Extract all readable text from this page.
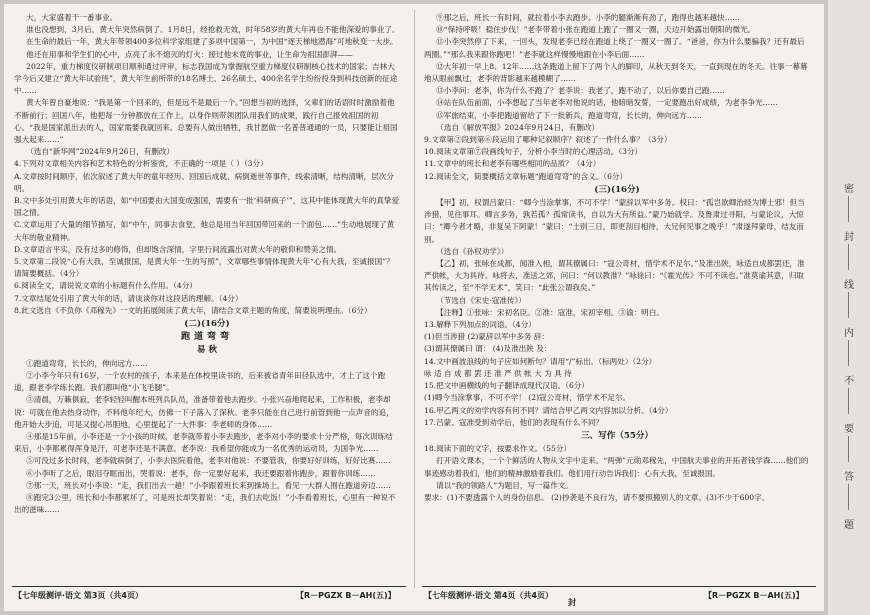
大，大家盛着干一番事业。

谁也没想到，3月后，黄大年突然病倒了。1月8日，经抢救无效，时年58岁的黄大年再也不能他深爱的事业了。

在生命的最后一年，黄大年带领400多位科学家组建了多项中国第一，为中国“逐天梯地潜海”可地秋变一大步。

他还在用事和学生们的心中，点亮了永不熄灭的灯火：接过他未竟的事业，让生命为祖国澎湃——

2022年，重力梯度仪研制项目顺利通过评审，标志我国成为掌握航空重力梯度仪研制核心技术的国家；吉林大学今后又建立“黄大年试验班”，黄大年生前所带的18名博士、26名硕士、400余名学生纷纷投身到科技创新的征途中……

黄大年曾自豪地说：“我是第一个回来的，但是远不是最后一个。”回想当初的选择，父辈们的话语时时激励着他不断前行；回国八年，他把每一分钟都放在工作上，以身作则带领团队用我们的成果，践行自己报效祖国的初心。“我是国家派出去的人，国家需要我就回来。总要有人做出牺牲，我甘愿做一名普普通通的一员，只要能让祖国强大起来……”

（选自“新华网”2024年9月26日，有删改）

4.下列对文章相关内容和艺术特色的分析鉴赏，不正确的一项是（ ）（3分）
A.文章按时间顺序，依次叙述了黄大年的童年经历、回国后成就、病倒逝世等事件，线索清晰，结构清晰，层次分明。
B.文中多处引用黄大年的话语，如“中国要由大国变成强国，需要有一批‘科研疯子’”，这其中能体现黄大年的真挚爱国之情。
C.文章运用了大量的细节描写，如“中午，同事去食堂，他总是用当年回国带回来的一个面包……”生动地展现了黄大年的敬业精神。
D.文章语言平实，没有过多的修饰，但却饱含深情，字里行间流露出对黄大年的敬仰和赞美之情。
5.文章第二段说“心有大我，至诚报国，是黄大年一生的写照”，文章哪些事情体现黄大年“心有大我，至诚报国”？请简要概括。（4分）
6.阅读全文，请说说文章的小标题有什么作用。（4分）
7.文章结尾处引用了黄大年的话，请谈谈你对这段话的理解。（4分）
8.此文选自《不负你《邓稼先》一文的拓展阅读了黄大年，请结合文章主题的角度，简要说明理由。（6分）
(二)(16分)
跑道弯弯
易 秋

①跑道弯弯，长长的，伸向远方……

②小李今年只有16岁，一个农村的孩子，本来是在体校里读书的，后来被省青年田径队选中，才上了这个跑道，跟老李学练长跑。我们都叫他“小飞毛腿”。

③清晨，万籁俱寂，老李轻轻叫醒本班列兵队员，准备带着他去跑步。小张兴奋地爬起来，工作积极，老李却说：可就在他去热身动作，不料他年纪大，仿佛一下子落入了深秋。老李只能在自己进行前管到他一点声音的追，他开始大步追，可是又提心吊胆地，心里提起了一大件事：李老师的身体……

④那是15年前，小李还是一个小孩的时候，老李就带着小李去跑步，老李对小李的要求十分严格，每次训练结束后，小李都累得浑身是汗，可老李还是不满意。老李说：我希望你能成为一名优秀的运动员，为国争光……

⑤可没过多长时间，老李就病倒了，小李去医院看他，老李对他说：不要管我，你要好好训练，好好比赛……

⑥小李听了之后，眼泪夺眶而出，哭着说：老李，你一定要好起来，我还要跟着你跑步，跟着你训练……

⑦那一天，班长对小李说：“走，我们出去一趟！”小李跟着班长来到操场上，看见一大群人围在跑道旁边……

⑧跑完3公里，班长和小李都累坏了，可是班长却笑着说：“走，我们去吃饭！”小李看着班长，心里有一种说不出的滋味……

⑨那之后，班长一有时间，就拉着小李去跑步。小李的腿渐渐有劲了，跑得也越来越快……

⑩“保持呼吸！稳住步伐！”老李带着小张在跑道上跑了一圈又一圈，天边开始露出朝阳的微光。

⑪小李突然停了下来，一回头，发现老李已经在跑道上绕了一圈又一圈了。“爸爸，你为什么要骗我？还有最后两圈。”“那么我来跟你跑吧！”老李就这样慢慢地跟在小李后面……

⑫大年初一早上8、12年……这条跑道上留下了两个人的脚印，从秋天到冬天，一直到现在的冬天。往事一幕幕地从眼前飘过，老李的背影越来越模糊了……

⑬小李问：老李，你为什么不跑了？老李说：我老了，跑不动了，以后你要自己跑……

⑭站在队伍前面，小李想起了当年老李对他说的话，他暗暗发誓，一定要跑出好成绩，为老李争光……

⑮军旅结束，小李把跑道留给了下一批新兵，跑道弯弯，长长的，伸向远方……

（选自《解放军报》2024年9月24日，有删改）

9.文章第②段到第⑥段运用了哪种记叙顺序？叙述了一件什么事？（3分）
10.阅读文章第⑦段画线句子，分析小李当时的心理活动。（3分）
11.文章中的班长和老李有哪些相同的品质？（4分）
12.阅读全文，简要概括文章标题“跑道弯弯”的含义。（6分）
(三)(16分)

【甲】初，权谓吕蒙曰：“卿今当涂掌事，不可不学！”蒙辞以军中多务。权曰：“孤岂欲卿治经为博士邪！但当涉猎，见往事耳。卿言多务，孰若孤？孤常读书，自以为大有所益。”蒙乃始就学。及鲁肃过寻阳，与蒙论议，大惊曰：“卿今者才略，非复吴下阿蒙！”蒙曰：“士别三日，即更刮目相待，大兄何见事之晚乎！”肃遂拜蒙母，结友而别。

（选自《孙权劝学》）

【乙】初，张咏在成都，闻准入相，谓其僚属曰：“寇公奇材，惜学术不足尔。”及准出陕，咏适自成都罢还，准严供帐，大为具待。咏将去，准送之郊，问曰：“何以教准？”咏徐曰：“《霍光传》不可不读也。”准莫谕其意，归取其传读之，至“不学无术”，笑曰：“此张公谓我矣。”

（节选自《宋史·寇准传》）

【注释】①张咏：宋初名臣。②准：寇准，宋初宰相。③谕：明白。

13.解释下列加点的词语。（4分）
(1)但当涉猎 (2)蒙辞以军中多务 辞：
(3)谓其僚属曰 谓： (4)及准出陕 及：
14.文中画波浪线的句子应如何断句？请用“/”标出。（标两处）（2分）
咏 适 自 成 都 罢 还 准 严 供 帐 大 为 具 待
15.把文中画横线的句子翻译成现代汉语。（6分）
(1)卿今当涂掌事，不可不学！ (2)寇公奇材，惜学术不足尔。
16.甲乙两文的劝学内容有何不同？请结合甲乙两文内容加以分析。（4分）
17.吕蒙、寇准受到劝学后，他们的表现有什么不同？
三、写作（55分）
18.阅读下面的文字，按要求作文。（55分）

打开语文课本，一个个鲜活的人物从文字中走来。“两弹”元勋邓稼先，中国航天事业的开拓者钱学森……他们的事迹感动着我们，他们的精神激励着我们。他们用行动告诉我们：心有大我，至诚报国。

请以“我的领路人”为题目，写一篇作文。

要求：(1)不要透露个人的身份信息。 (2)抄袭是不良行为，请不要照搬别人的文章。(3)不少于600字。
【七年级测评·语文 第3页（共4页）	【R－PGZX B－AH(五)】	【七年级测评·语文 第4页（共4页）	【R－PGZX B－AH(五)】
封
密
封
线
内
不
要
答
题
